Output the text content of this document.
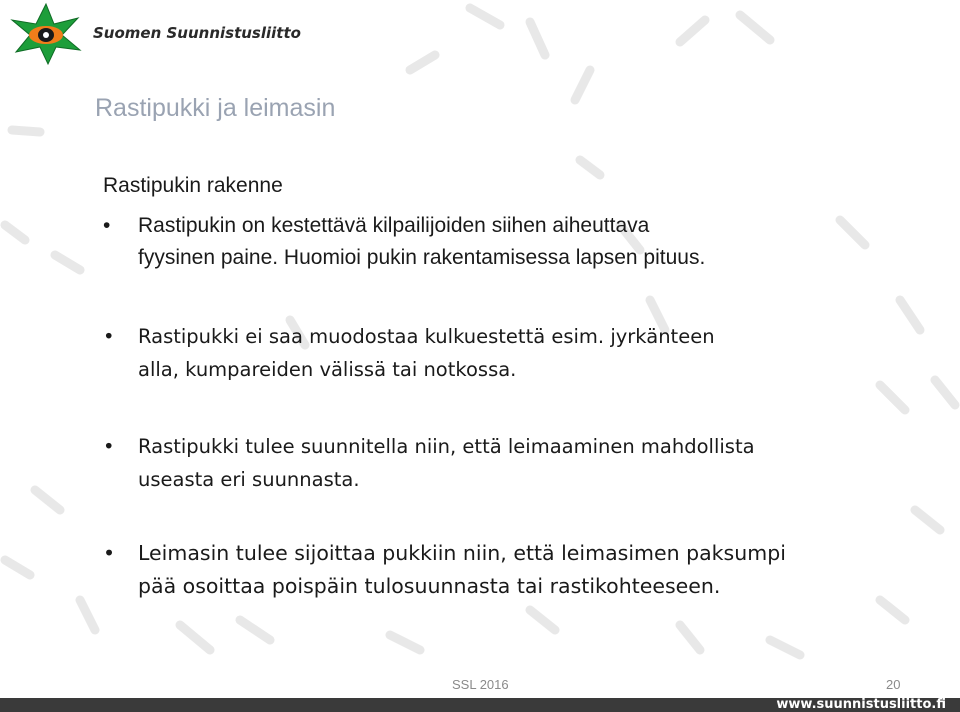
Suomen Suunnistusliitto
Rastipukki ja leimasin
Rastipukin rakenne
• Rastipukin on kestettävä kilpailijoiden siihen aiheuttava
fyysinen paine. Huomioi pukin rakentamisessa lapsen pituus.
• Rastipukki ei saa muodostaa kulkuestettä esim. jyrkänteen
alla, kumpareiden välissä tai notkossa.
• Rastipukki tulee suunnitella niin, että leimaaminen mahdollista
useasta eri suunnasta.
• Leimasin tulee sijoittaa pukkiin niin, että leimasimen paksumpi
pää osoittaa poispäin tulosuunnasta tai rastikohteeseen.
SSL 2016	20
www.suunnistusliitto.fi
